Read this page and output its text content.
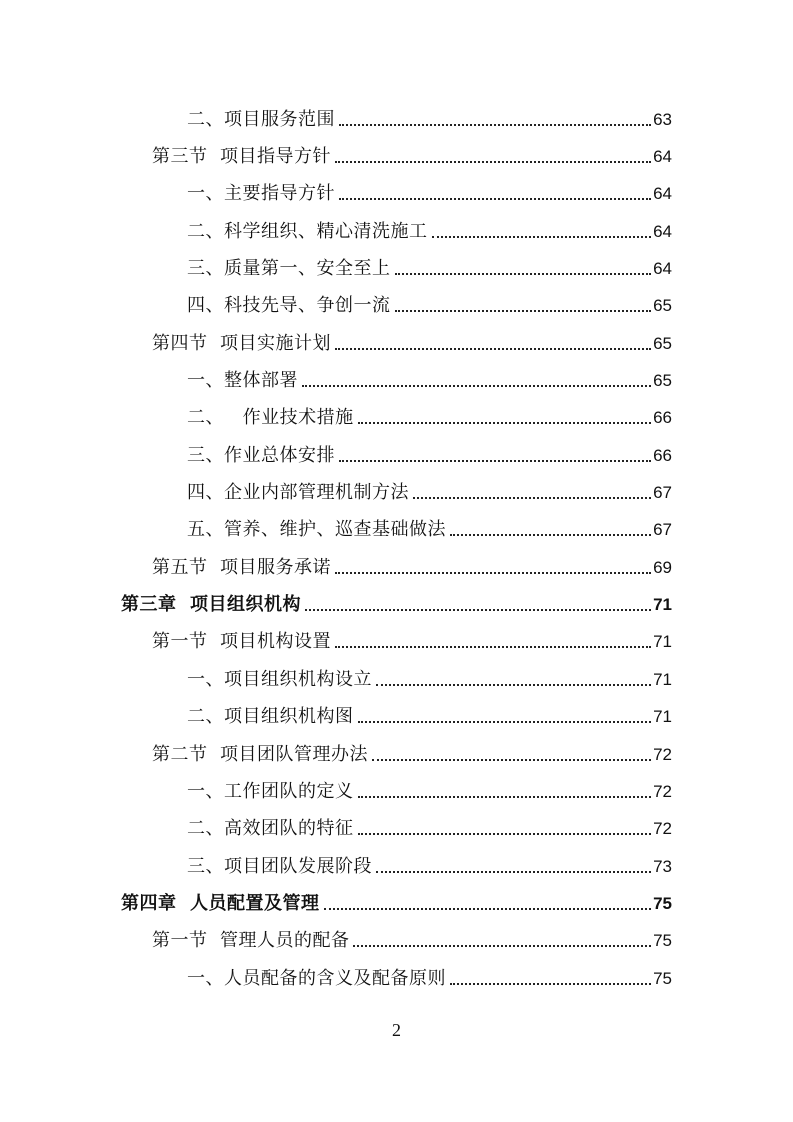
二、项目服务范围	63
第三节  项目指导方针	64
一、主要指导方针	64
二、科学组织、精心清洗施工	64
三、质量第一、安全至上	64
四、科技先导、争创一流	65
第四节  项目实施计划	65
一、整体部署	65
二、   作业技术措施	66
三、作业总体安排	66
四、企业内部管理机制方法	67
五、管养、维护、巡查基础做法	67
第五节  项目服务承诺	69
第三章  项目组织机构	71
第一节  项目机构设置	71
一、项目组织机构设立	71
二、项目组织机构图	71
第二节  项目团队管理办法	72
一、工作团队的定义	72
二、高效团队的特征	72
三、项目团队发展阶段	73
第四章  人员配置及管理	75
第一节  管理人员的配备	75
一、人员配备的含义及配备原则	75
2
